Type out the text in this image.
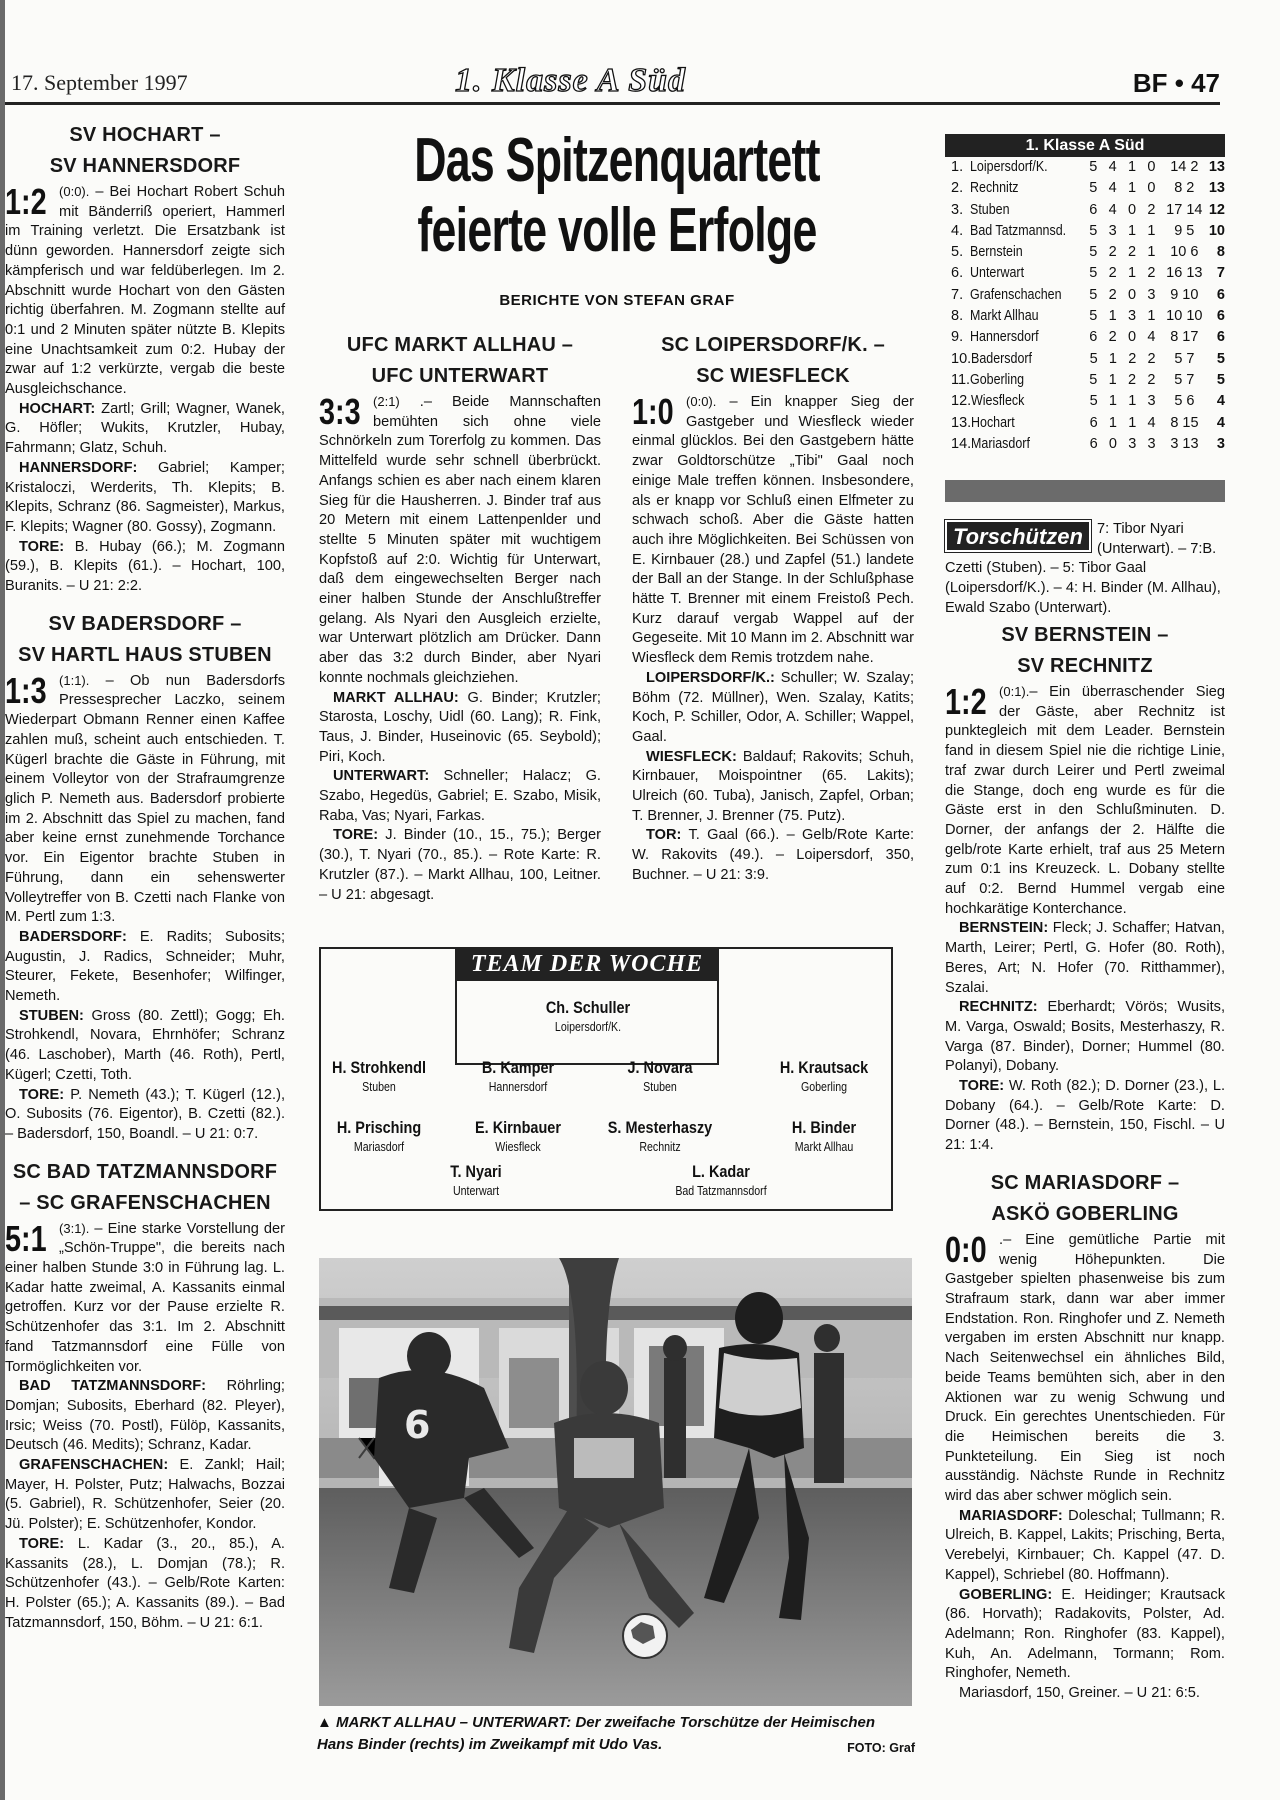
17. September 1997	1. Klasse A Süd	BF • 47
SV HOCHART –
SV HANNERSDORF

1:2 (0:0). – Bei Hochart Robert Schuh mit Bänderriß operiert, Hammerl im Training verletzt. Die Ersatzbank ist dünn geworden. Hannersdorf zeigte sich kämpferisch und war feldüberlegen. Im 2. Abschnitt wurde Hochart von den Gästen richtig überfahren. M. Zogmann stellte auf 0:1 und 2 Minuten später nützte B. Klepits eine Unachtsamkeit zum 0:2. Hubay der zwar auf 1:2 verkürzte, vergab die beste Ausgleichschance.

HOCHART: Zartl; Grill; Wagner, Wanek, G. Höfler; Wukits, Krutzler, Hubay, Fahrmann; Glatz, Schuh.

HANNERSDORF: Gabriel; Kamper; Kristaloczi, Werderits, Th. Klepits; B. Klepits, Schranz (86. Sagmeister), Markus, F. Klepits; Wagner (80. Gossy), Zogmann.

TORE: B. Hubay (66.); M. Zogmann (59.), B. Klepits (61.). – Hochart, 100, Buranits. – U 21: 2:2.

SV BADERSDORF –
SV HARTL HAUS STUBEN

1:3 (1:1). – Ob nun Badersdorfs Pressesprecher Laczko, seinem Wiederpart Obmann Renner einen Kaffee zahlen muß, scheint auch entschieden. T. Kügerl brachte die Gäste in Führung, mit einem Volleytor von der Strafraumgrenze glich P. Nemeth aus. Badersdorf probierte im 2. Abschnitt das Spiel zu machen, fand aber keine ernst zunehmende Torchance vor. Ein Eigentor brachte Stuben in Führung, dann ein sehenswerter Volleytreffer von B. Czetti nach Flanke von M. Pertl zum 1:3.

BADERSDORF: E. Radits; Subosits; Augustin, J. Radics, Schneider; Muhr, Steurer, Fekete, Besenhofer; Wilfinger, Nemeth.

STUBEN: Gross (80. Zettl); Gogg; Eh. Strohkendl, Novara, Ehrnhöfer; Schranz (46. Laschober), Marth (46. Roth), Pertl, Kügerl; Czetti, Toth.

TORE: P. Nemeth (43.); T. Kügerl (12.), O. Subosits (76. Eigentor), B. Czetti (82.). – Badersdorf, 150, Boandl. – U 21: 0:7.

SC BAD TATZMANNSDORF
– SC GRAFENSCHACHEN

5:1 (3:1). – Eine starke Vorstellung der „Schön-Truppe", die bereits nach einer halben Stunde 3:0 in Führung lag. L. Kadar hatte zweimal, A. Kassanits einmal getroffen. Kurz vor der Pause erzielte R. Schützenhofer das 3:1. Im 2. Abschnitt fand Tatzmannsdorf eine Fülle von Tormöglichkeiten vor.

BAD TATZMANNSDORF: Röhrling; Domjan; Subosits, Eberhard (82. Pleyer), Irsic; Weiss (70. Postl), Fülöp, Kassanits, Deutsch (46. Medits); Schranz, Kadar.

GRAFENSCHACHEN: E. Zankl; Hail; Mayer, H. Polster, Putz; Halwachs, Bozzai (5. Gabriel), R. Schützenhofer, Seier (20. Jü. Polster); E. Schützenhofer, Kondor.

TORE: L. Kadar (3., 20., 85.), A. Kassanits (28.), L. Domjan (78.); R. Schützenhofer (43.). – Gelb/Rote Karten: H. Polster (65.); A. Kassanits (89.). – Bad Tatzmannsdorf, 150, Böhm. – U 21: 6:1.

Das Spitzenquartett feierte volle Erfolge
BERICHTE VON STEFAN GRAF
UFC MARKT ALLHAU –
UFC UNTERWART

3:3 (2:1) .– Beide Mannschaften bemühten sich ohne viele Schnörkeln zum Torerfolg zu kommen. Das Mittelfeld wurde sehr schnell überbrückt. Anfangs schien es aber nach einem klaren Sieg für die Hausherren. J. Binder traf aus 20 Metern mit einem Lattenpenlder und stellte 5 Minuten später mit wuchtigem Kopfstoß auf 2:0. Wichtig für Unterwart, daß dem eingewechselten Berger nach einer halben Stunde der Anschlußtreffer gelang. Als Nyari den Ausgleich erzielte, war Unterwart plötzlich am Drücker. Dann aber das 3:2 durch Binder, aber Nyari konnte nochmals gleichziehen.

MARKT ALLHAU: G. Binder; Krutzler; Starosta, Loschy, Uidl (60. Lang); R. Fink, Taus, J. Binder, Huseinovic (65. Seybold); Piri, Koch.

UNTERWART: Schneller; Halacz; G. Szabo, Hegedüs, Gabriel; E. Szabo, Misik, Raba, Vas; Nyari, Farkas.

TORE: J. Binder (10., 15., 75.); Berger (30.), T. Nyari (70., 85.). – Rote Karte: R. Krutzler (87.). – Markt Allhau, 100, Leitner. – U 21: abgesagt.

SC LOIPERSDORF/K. –
SC WIESFLECK

1:0 (0:0). – Ein knapper Sieg der Gastgeber und Wiesfleck wieder einmal glücklos. Bei den Gastgebern hätte zwar Goldtorschütze „Tibi" Gaal noch einige Male treffen können. Insbesondere, als er knapp vor Schluß einen Elfmeter zu schwach schoß. Aber die Gäste hatten auch ihre Möglichkeiten. Bei Schüssen von E. Kirnbauer (28.) und Zapfel (51.) landete der Ball an der Stange. In der Schlußphase hätte T. Brenner mit einem Freistoß Pech. Kurz darauf vergab Wappel auf der Gegeseite. Mit 10 Mann im 2. Abschnitt war Wiesfleck dem Remis trotzdem nahe.

LOIPERSDORF/K.: Schuller; W. Szalay; Böhm (72. Müllner), Wen. Szalay, Katits; Koch, P. Schiller, Odor, A. Schiller; Wappel, Gaal.

WIESFLECK: Baldauf; Rakovits; Schuh, Kirnbauer, Moispointner (65. Lakits); Ulreich (60. Tuba), Janisch, Zapfel, Orban; T. Brenner, J. Brenner (75. Putz).

TOR: T. Gaal (66.). – Gelb/Rote Karte: W. Rakovits (49.). – Loipersdorf, 350, Buchner. – U 21: 3:9.

TEAM DER WOCHE
Ch. Schuller
Loipersdorf/K.
H. Strohkendl
Stuben
B. Kamper
Hannersdorf
J. Novara
Stuben
H. Krautsack
Goberling
H. Prisching
Mariasdorf
E. Kirnbauer
Wiesfleck
S. Mesterhaszy
Rechnitz
H. Binder
Markt Allhau
T. Nyari
Unterwart
L. Kadar
Bad Tatzmannsdorf
6
▲ MARKT ALLHAU – UNTERWART: Der zweifache Torschütze der Heimischen Hans Binder (rechts) im Zweikampf mit Udo Vas.	FOTO: Graf
1. Klasse A Süd
1. Loipersdorf/K.	5 4 1 0	14 2 13
2. Rechnitz	5 4 1 0	8 2 13
3. Stuben	6 4 0 2 17 14 12
4. Bad Tatzmannsd.	5 3 1 1	9 5 10
5. Bernstein	5 2 2 1	10 6	8
6. Unterwart	5 2 1 2 16 13 7
7. Grafenschachen	5 2 0 3	9 10	6
8. Markt Allhau	5 1 3 1 10 10 6
9. Hannersdorf	6 2 0 4	8 17	6
10. Badersdorf	5 1 2 2	5 7	5
11. Goberling	5 1 2 2	5 7	5
12. Wiesfleck	5 1 1 3	5 6	4
13. Hochart	6 1 1 4	8 15	4
14. Mariasdorf	6 0 3 3	3 13	3
Torschützen 7: Tibor Nyari (Unterwart). – 7:B. Czetti (Stuben). – 5: Tibor Gaal (Loipersdorf/K.). – 4: H. Binder (M. Allhau), Ewald Szabo (Unterwart).
SV BERNSTEIN –
SV RECHNITZ

1:2 (0:1).– Ein überraschender Sieg der Gäste, aber Rechnitz ist punktegleich mit dem Leader. Bernstein fand in diesem Spiel nie die richtige Linie, traf zwar durch Leirer und Pertl zweimal die Stange, doch eng wurde es für die Gäste erst in den Schlußminuten. D. Dorner, der anfangs der 2. Hälfte die gelb/rote Karte erhielt, traf aus 25 Metern zum 0:1 ins Kreuzeck. L. Dobany stellte auf 0:2. Bernd Hummel vergab eine hochkarätige Konterchance.

BERNSTEIN: Fleck; J. Schaffer; Hatvan, Marth, Leirer; Pertl, G. Hofer (80. Roth), Beres, Art; N. Hofer (70. Ritthammer), Szalai.

RECHNITZ: Eberhardt; Vörös; Wusits, M. Varga, Oswald; Bosits, Mesterhaszy, R. Varga (87. Binder), Dorner; Hummel (80. Polanyi), Dobany.

TORE: W. Roth (82.); D. Dorner (23.), L. Dobany (64.). – Gelb/Rote Karte: D. Dorner (48.). – Bernstein, 150, Fischl. – U 21: 1:4.

SC MARIASDORF –
ASKÖ GOBERLING

0:0 .– Eine gemütliche Partie mit wenig Höhepunkten. Die Gastgeber spielten phasenweise bis zum Strafraum stark, dann war aber immer Endstation. Ron. Ringhofer und Z. Nemeth vergaben im ersten Abschnitt nur knapp. Nach Seitenwechsel ein ähnliches Bild, beide Teams bemühten sich, aber in den Aktionen war zu wenig Schwung und Druck. Ein gerechtes Unentschieden. Für die Heimischen bereits die 3. Punkteteilung. Ein Sieg ist noch ausständig. Nächste Runde in Rechnitz wird das aber schwer möglich sein.

MARIASDORF: Doleschal; Tullmann; R. Ulreich, B. Kappel, Lakits; Prisching, Berta, Verebelyi, Kirnbauer; Ch. Kappel (47. D. Kappel), Schriebel (80. Hoffmann).

GOBERLING: E. Heidinger; Krautsack (86. Horvath); Radakovits, Polster, Ad. Adelmann; Ron. Ringhofer (83. Kappel), Kuh, An. Adelmann, Tormann; Rom. Ringhofer, Nemeth.

Mariasdorf, 150, Greiner. – U 21: 6:5.
